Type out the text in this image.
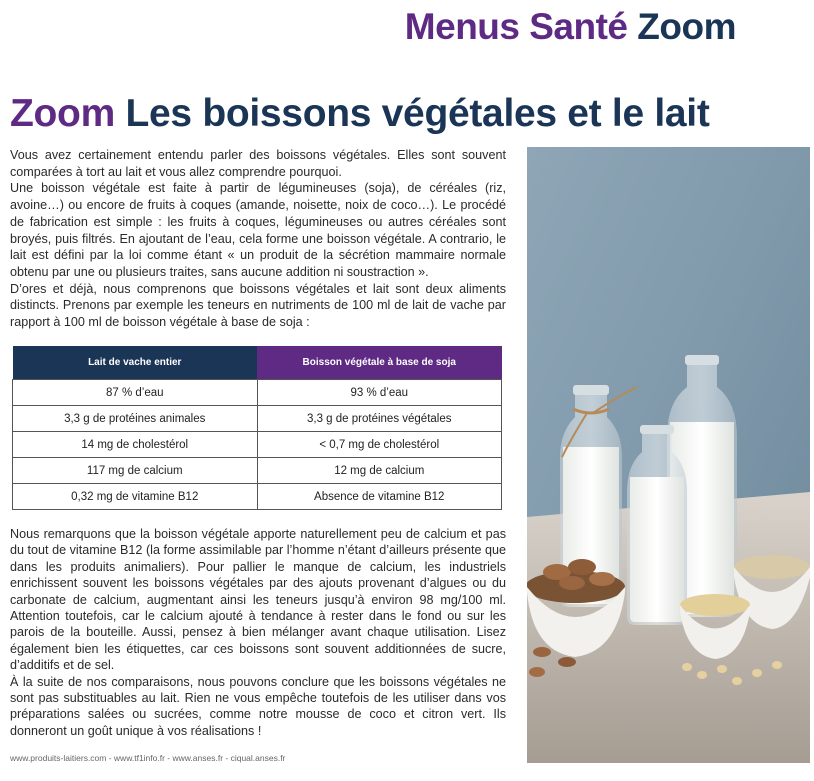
Menus Santé Zoom
Zoom Les boissons végétales et le lait

Vous avez certainement entendu parler des boissons végétales. Elles sont souvent comparées à tort au lait et vous allez comprendre pourquoi.

Une boisson végétale est faite à partir de légumineuses (soja), de céréales (riz, avoine…) ou encore de fruits à coques (amande, noisette, noix de coco…). Le procédé de fabrication est simple : les fruits à coques, légumineuses ou autres céréales sont broyés, puis filtrés. En ajoutant de l’eau, cela forme une boisson végétale. A contrario, le lait est défini par la loi comme étant « un produit de la sécrétion mammaire normale obtenu par une ou plusieurs traites, sans aucune addition ni soustraction ».

D’ores et déjà, nous comprenons que boissons végétales et lait sont deux aliments distincts. Prenons par exemple les teneurs en nutriments de 100 ml de lait de vache par rapport à 100 ml de boisson végétale à base de soja :

Lait de vache entier	Boisson végétale à base de soja
87 % d’eau	93 % d’eau
3,3 g de protéines animales	3,3 g de protéines végétales
14 mg de cholestérol	< 0,7 mg de cholestérol
117 mg de calcium	12 mg de calcium
0,32 mg de vitamine B12	Absence de vitamine B12

Nous remarquons que la boisson végétale apporte naturellement peu de calcium et pas du tout de vitamine B12 (la forme assimilable par l’homme n’étant d’ailleurs présente que dans les produits animaliers). Pour pallier le manque de calcium, les industriels enrichissent souvent les boissons végétales par des ajouts provenant d’algues ou du carbonate de calcium, augmentant ainsi les teneurs jusqu’à environ 98 mg/100 ml. Attention toutefois, car le calcium ajouté à tendance à rester dans le fond ou sur les parois de la bouteille. Aussi, pensez à bien mélanger avant chaque utilisation. Lisez également bien les étiquettes, car ces boissons sont souvent additionnées de sucre, d’additifs et de sel.

À la suite de nos comparaisons, nous pouvons conclure que les boissons végétales ne sont pas substituables au lait. Rien ne vous empêche toutefois de les utiliser dans vos préparations salées ou sucrées, comme notre mousse de coco et citron vert. Ils donneront un goût unique à vos réalisations !

www.produits-laitiers.com - www.tf1info.fr - www.anses.fr - ciqual.anses.fr
